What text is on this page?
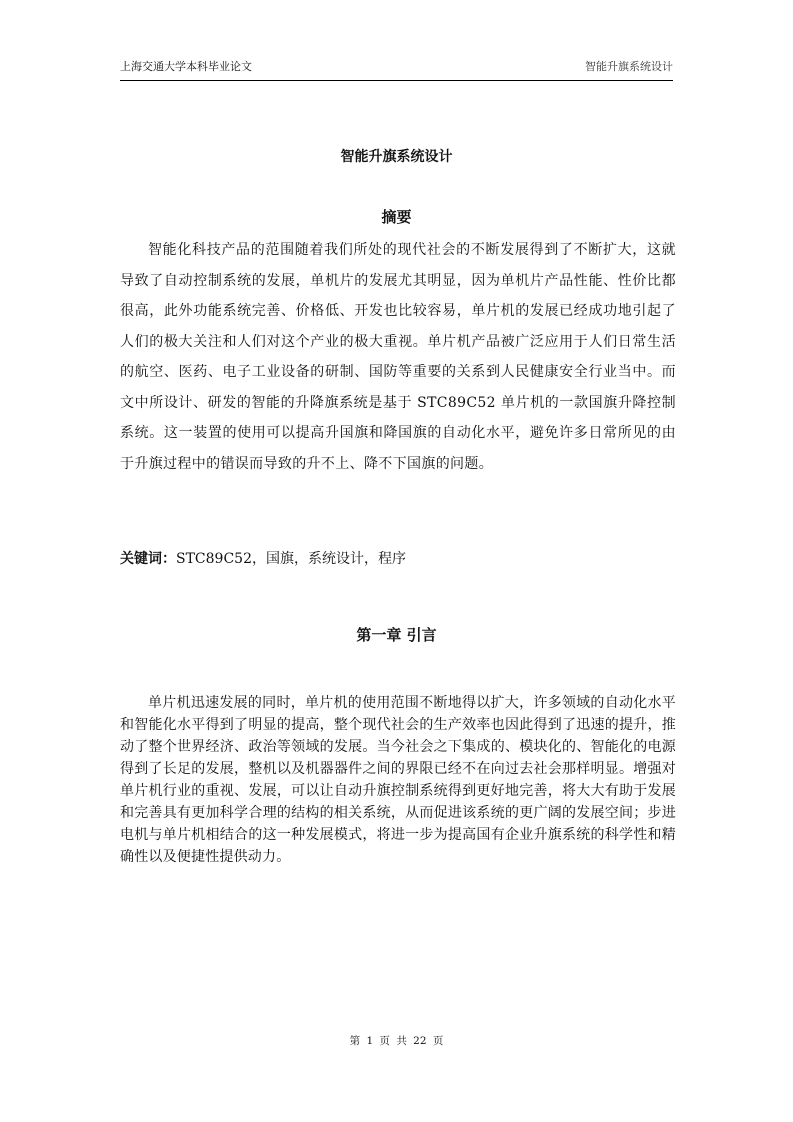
上海交通大学本科毕业论文	智能升旗系统设计
智能升旗系统设计
摘要

智能化科技产品的范围随着我们所处的现代社会的不断发展得到了不断扩大，这就导致了自动控制系统的发展，单机片的发展尤其明显，因为单机片产品性能、性价比都很高，此外功能系统完善、价格低、开发也比较容易，单片机的发展已经成功地引起了人们的极大关注和人们对这个产业的极大重视。单片机产品被广泛应用于人们日常生活的航空、医药、电子工业设备的研制、国防等重要的关系到人民健康安全行业当中。而文中所设计、研发的智能的升降旗系统是基于 STC89C52 单片机的一款国旗升降控制系统。这一装置的使用可以提高升国旗和降国旗的自动化水平，避免许多日常所见的由于升旗过程中的错误而导致的升不上、降不下国旗的问题。

关键词：STC89C52，国旗，系统设计，程序
第一章 引言

单片机迅速发展的同时，单片机的使用范围不断地得以扩大，许多领域的自动化水平和智能化水平得到了明显的提高，整个现代社会的生产效率也因此得到了迅速的提升，推动了整个世界经济、政治等领域的发展。当今社会之下集成的、模块化的、智能化的电源得到了长足的发展，整机以及机器器件之间的界限已经不在向过去社会那样明显。增强对单片机行业的重视、发展，可以让自动升旗控制系统得到更好地完善，将大大有助于发展和完善具有更加科学合理的结构的相关系统，从而促进该系统的更广阔的发展空间；步进电机与单片机相结合的这一种发展模式，将进一步为提高国有企业升旗系统的科学性和精确性以及便捷性提供动力。

第 1 页 共 22 页
